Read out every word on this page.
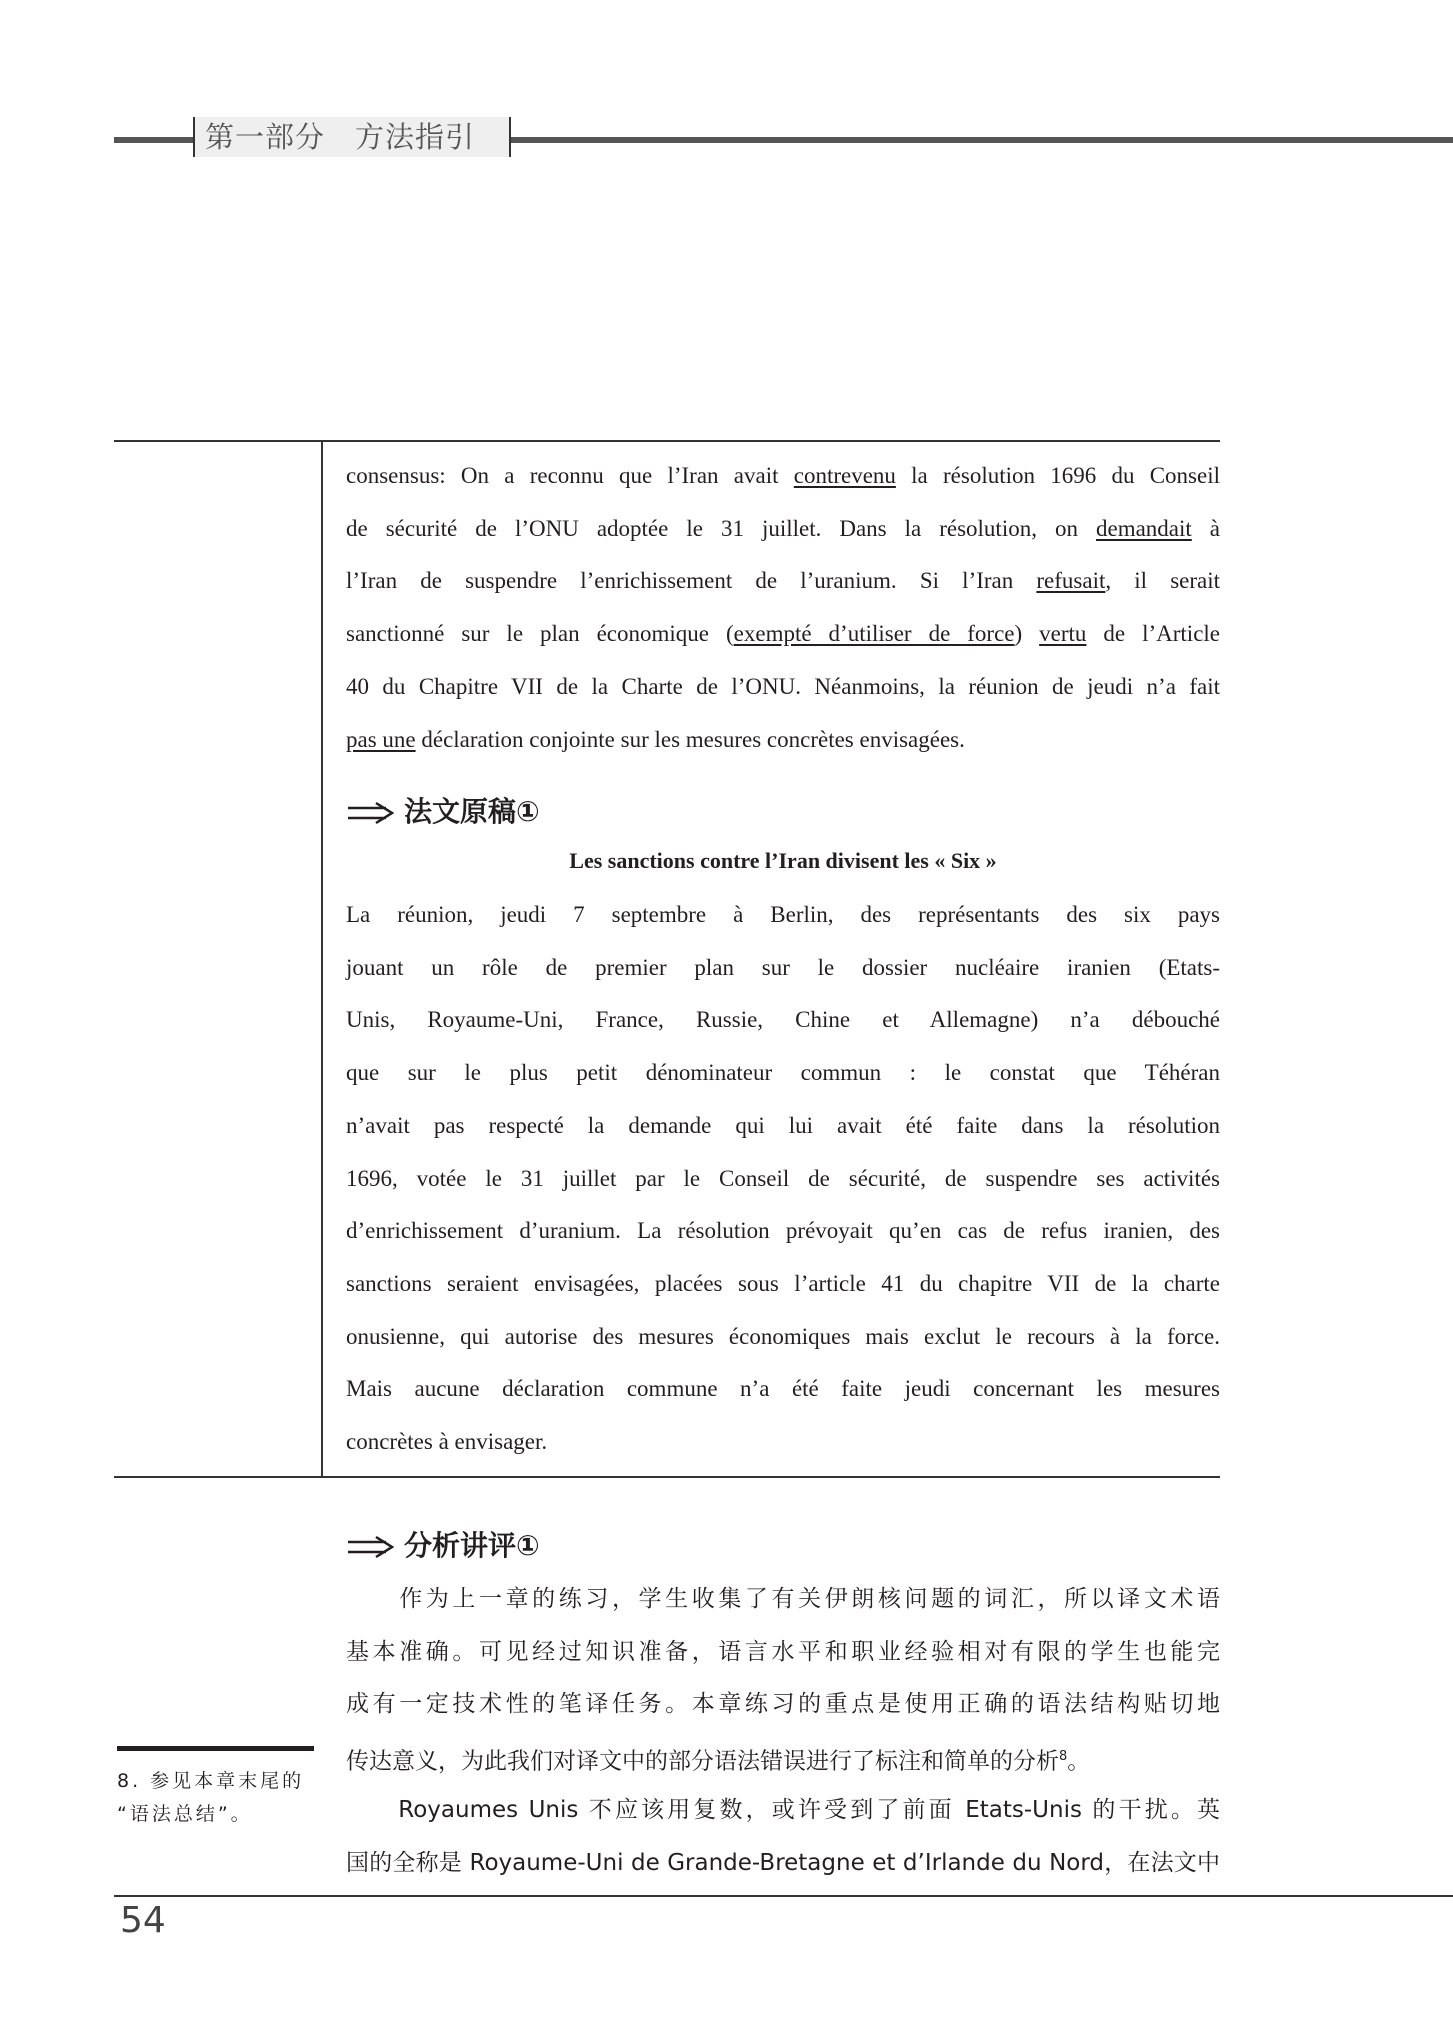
第一部分　方法指引
consensus: On a reconnu que l’Iran avait contrevenu la résolution 1696 du Conseil
de sécurité de l’ONU adoptée le 31 juillet. Dans la résolution, on demandait à
l’Iran de suspendre l’enrichissement de l’uranium. Si l’Iran refusait, il serait
sanctionné sur le plan économique (exempté d’utiliser de force) vertu de l’Article
40 du Chapitre VII de la Charte de l’ONU. Néanmoins, la réunion de jeudi n’a fait
pas une déclaration conjointe sur les mesures concrètes envisagées.
法文原稿①
Les sanctions contre l’Iran divisent les « Six »
La réunion, jeudi 7 septembre à Berlin, des représentants des six pays
jouant un rôle de premier plan sur le dossier nucléaire iranien (Etats-
Unis, Royaume-Uni, France, Russie, Chine et Allemagne) n’a débouché
que sur le plus petit dénominateur commun : le constat que Téhéran
n’avait pas respecté la demande qui lui avait été faite dans la résolution
1696, votée le 31 juillet par le Conseil de sécurité, de suspendre ses activités
d’enrichissement d’uranium. La résolution prévoyait qu’en cas de refus iranien, des
sanctions seraient envisagées, placées sous l’article 41 du chapitre VII de la charte
onusienne, qui autorise des mesures économiques mais exclut le recours à la force.
Mais aucune déclaration commune n’a été faite jeudi concernant les mesures
concrètes à envisager.
分析讲评①
　　作为上一章的练习，学生收集了有关伊朗核问题的词汇，所以译文术语
基本准确。可见经过知识准备，语言水平和职业经验相对有限的学生也能完
成有一定技术性的笔译任务。本章练习的重点是使用正确的语法结构贴切地
传达意义，为此我们对译文中的部分语法错误进行了标注和简单的分析$^8$。
　　Royaumes Unis 不应该用复数，或许受到了前面 Etats-Unis 的干扰。英
国的全称是 Royaume-Uni de Grande-Bretagne et d’Irlande du Nord，在法文中
8. 参见本章末尾的
“语法总结”。
54
